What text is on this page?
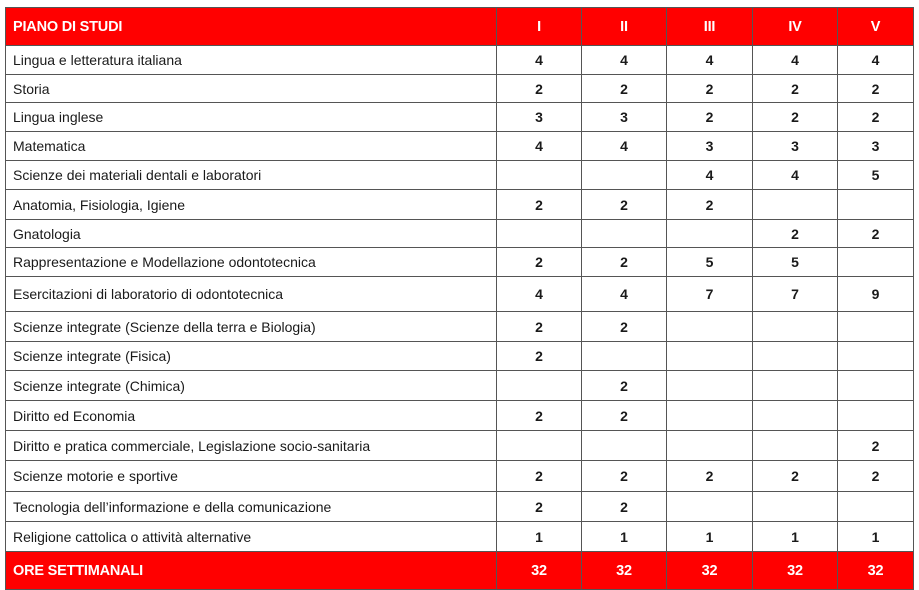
PIANO DI STUDI	I	II	III	IV	V
Lingua e letteratura italiana	4	4	4	4	4
Storia	2	2	2	2	2
Lingua inglese	3	3	2	2	2
Matematica	4	4	3	3	3
Scienze dei materiali dentali e laboratori			4	4	5
Anatomia, Fisiologia, Igiene	2	2	2		
Gnatologia				2	2
Rappresentazione e Modellazione odontotecnica	2	2	5	5	
Esercitazioni di laboratorio di odontotecnica	4	4	7	7	9
Scienze integrate (Scienze della terra e Biologia)	2	2			
Scienze integrate (Fisica)	2				
Scienze integrate (Chimica)		2			
Diritto ed Economia	2	2			
Diritto e pratica commerciale, Legislazione socio-sanitaria					2
Scienze motorie e sportive	2	2	2	2	2
Tecnologia dell’informazione e della comunicazione	2	2			
Religione cattolica o attività alternative	1	1	1	1	1
ORE SETTIMANALI	32	32	32	32	32
